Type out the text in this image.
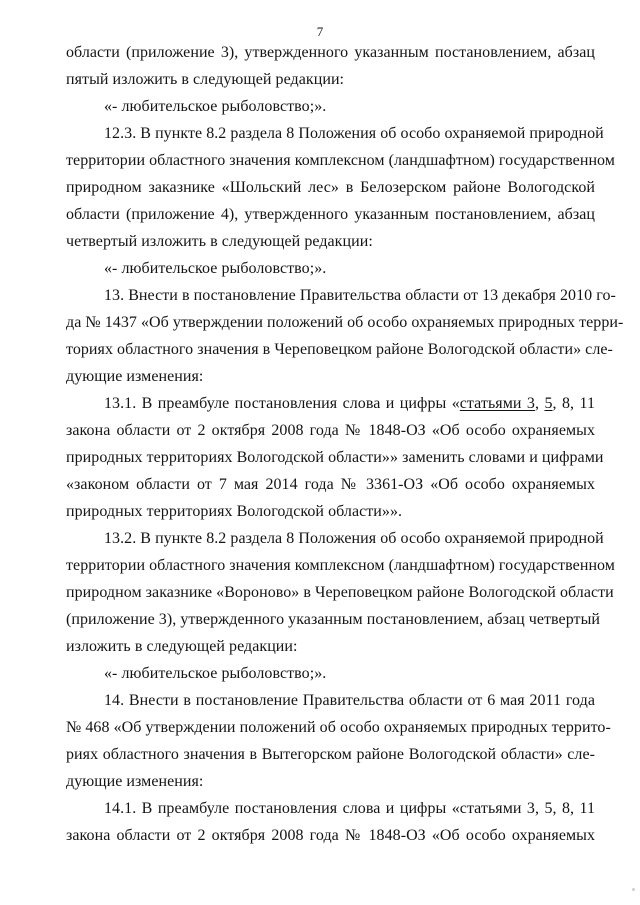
7
области (приложение 3), утвержденного указанным постановлением, абзац
пятый изложить в следующей редакции:
«- любительское рыболовство;».
12.3. В пункте 8.2 раздела 8 Положения об особо охраняемой природной
территории областного значения комплексном (ландшафтном) государственном
природном заказнике «Шольский лес» в Белозерском районе Вологодской
области (приложение 4), утвержденного указанным постановлением, абзац
четвертый изложить в следующей редакции:
«- любительское рыболовство;».
13. Внести в постановление Правительства области от 13 декабря 2010 го-
да № 1437 «Об утверждении положений об особо охраняемых природных терри-
ториях областного значения в Череповецком районе Вологодской области» сле-
дующие изменения:
13.1. В преамбуле постановления слова и цифры «статьями 3, 5, 8, 11
закона области от 2 октября 2008 года № 1848-ОЗ «Об особо охраняемых
природных территориях Вологодской области»» заменить словами и цифрами
«законом области от 7 мая 2014 года № 3361-ОЗ «Об особо охраняемых
природных территориях Вологодской области»».
13.2. В пункте 8.2 раздела 8 Положения об особо охраняемой природной
территории областного значения комплексном (ландшафтном) государственном
природном заказнике «Вороново» в Череповецком районе Вологодской области
(приложение 3), утвержденного указанным постановлением, абзац четвертый
изложить в следующей редакции:
«- любительское рыболовство;».
14. Внести в постановление Правительства области от 6 мая 2011 года
№ 468 «Об утверждении положений об особо охраняемых природных террито-
риях областного значения в Вытегорском районе Вологодской области» сле-
дующие изменения:
14.1. В преамбуле постановления слова и цифры «статьями 3, 5, 8, 11
закона области от 2 октября 2008 года № 1848-ОЗ «Об особо охраняемых
